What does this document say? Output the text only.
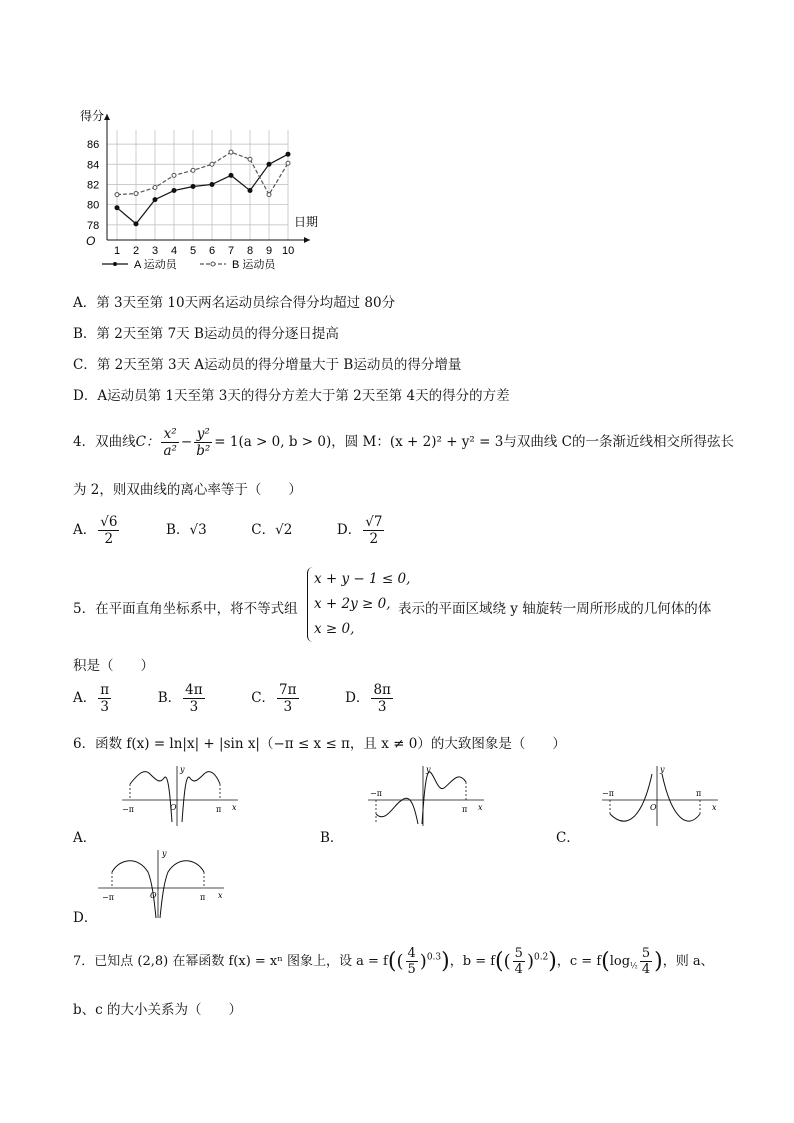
78
80
82
84
86
得分
日期
O
1 2 3 4 5 6 7 8 9 10
A 运动员	B 运动员
A．第 3天至第 10天两名运动员综合得分均超过 80分
B．第 2天至第 7天 B运动员的得分逐日提高
C．第 2天至第 3天 A运动员的得分增量大于 B运动员的得分增量
D．A运动员第 1天至第 3天的得分方差大于第 2天至第 4天的得分的方差
4．双曲线C： $\frac{\text{x²}}{\text{a²}} - \frac{\text{y²}}{\text{b²}} = 1(a > 0$, b > 0)，圆 M：(x + 2)² + y² = 3与双曲线 C的一条渐近线相交所得弦长
为 2，则双曲线的离心率等于（　　）
A． $\frac{√6}{2}$	B．√3	C．√2	D． $\frac{√7}{2}$
5．在平面直角坐标系中，将不等式组
x + y − 1 ≤ 0,
x + 2y ≥ 0,
x ≥ 0,
表示的平面区域绕 y 轴旋转一周所形成的几何体的体
积是（　　）
A． $\frac{\pi}{3}$	B． $\frac{4\pi}{3}$	C． $\frac{7\pi}{3}$	D． $\frac{8\pi}{3}$
6．函数 f(x) = ln|x| + |sin x|（−π ≤ x ≤ π，且 x ≠ 0）的大致图象是（　　）
A．
−π	π
y
x
O
B．
−π
π
y
x
C．
−π	π
y
x
O
D．
−π	π
y
x
O
7．已知点 (2,8) 在幂函数 f(x) = xⁿ 图象上，设 $a = f(( \frac{4}{5} )^{0.3})$，$b = f(( \frac{5}{4} )^{0.2})$，$c = f(\log_{\frac{1}{2}} \frac{5}{4}$ )，则 a、
b、c 的大小关系为（　　）
